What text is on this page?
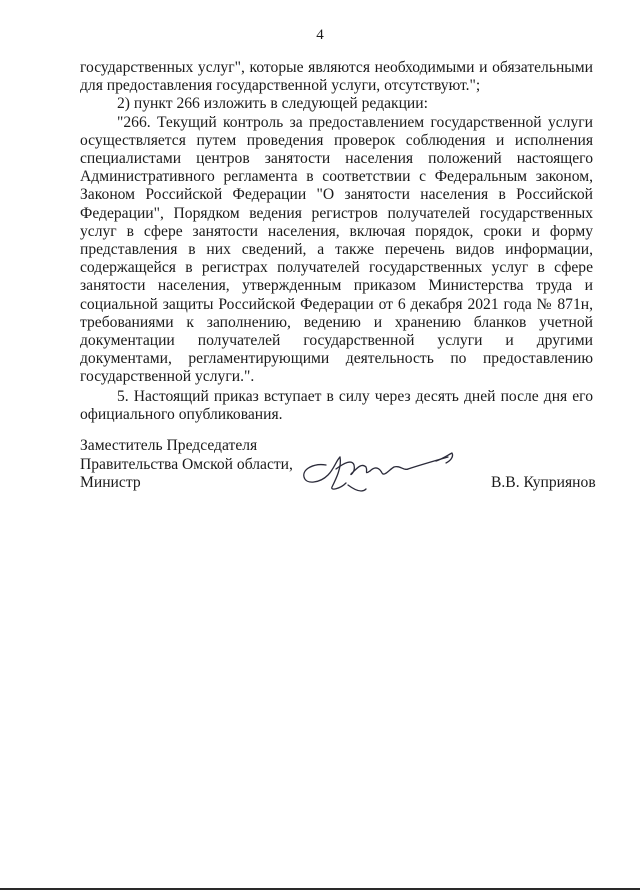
4

государственных услуг", которые являются необходимыми и обязательными для предоставления государственной услуги, отсутствуют.";

2) пункт 266 изложить в следующей редакции:

"266. Текущий контроль за предоставлением государственной услуги осуществляется путем проведения проверок соблюдения и исполнения специалистами центров занятости населения положений настоящего Административного регламента в соответствии с Федеральным законом, Законом Российской Федерации "О занятости населения в Российской Федерации", Порядком ведения регистров получателей государственных услуг в сфере занятости населения, включая порядок, сроки и форму представления в них сведений, а также перечень видов информации, содержащейся в регистрах получателей государственных услуг в сфере занятости населения, утвержденным приказом Министерства труда и социальной защиты Российской Федерации от 6 декабря 2021 года № 871н, требованиями к заполнению, ведению и хранению бланков учетной документации получателей государственной услуги и другими документами, регламентирующими деятельность по предоставлению государственной услуги.".

5. Настоящий приказ вступает в силу через десять дней после дня его официального опубликования.

Заместитель Председателя
Правительства Омской области,
Министр	В.В. Куприянов
